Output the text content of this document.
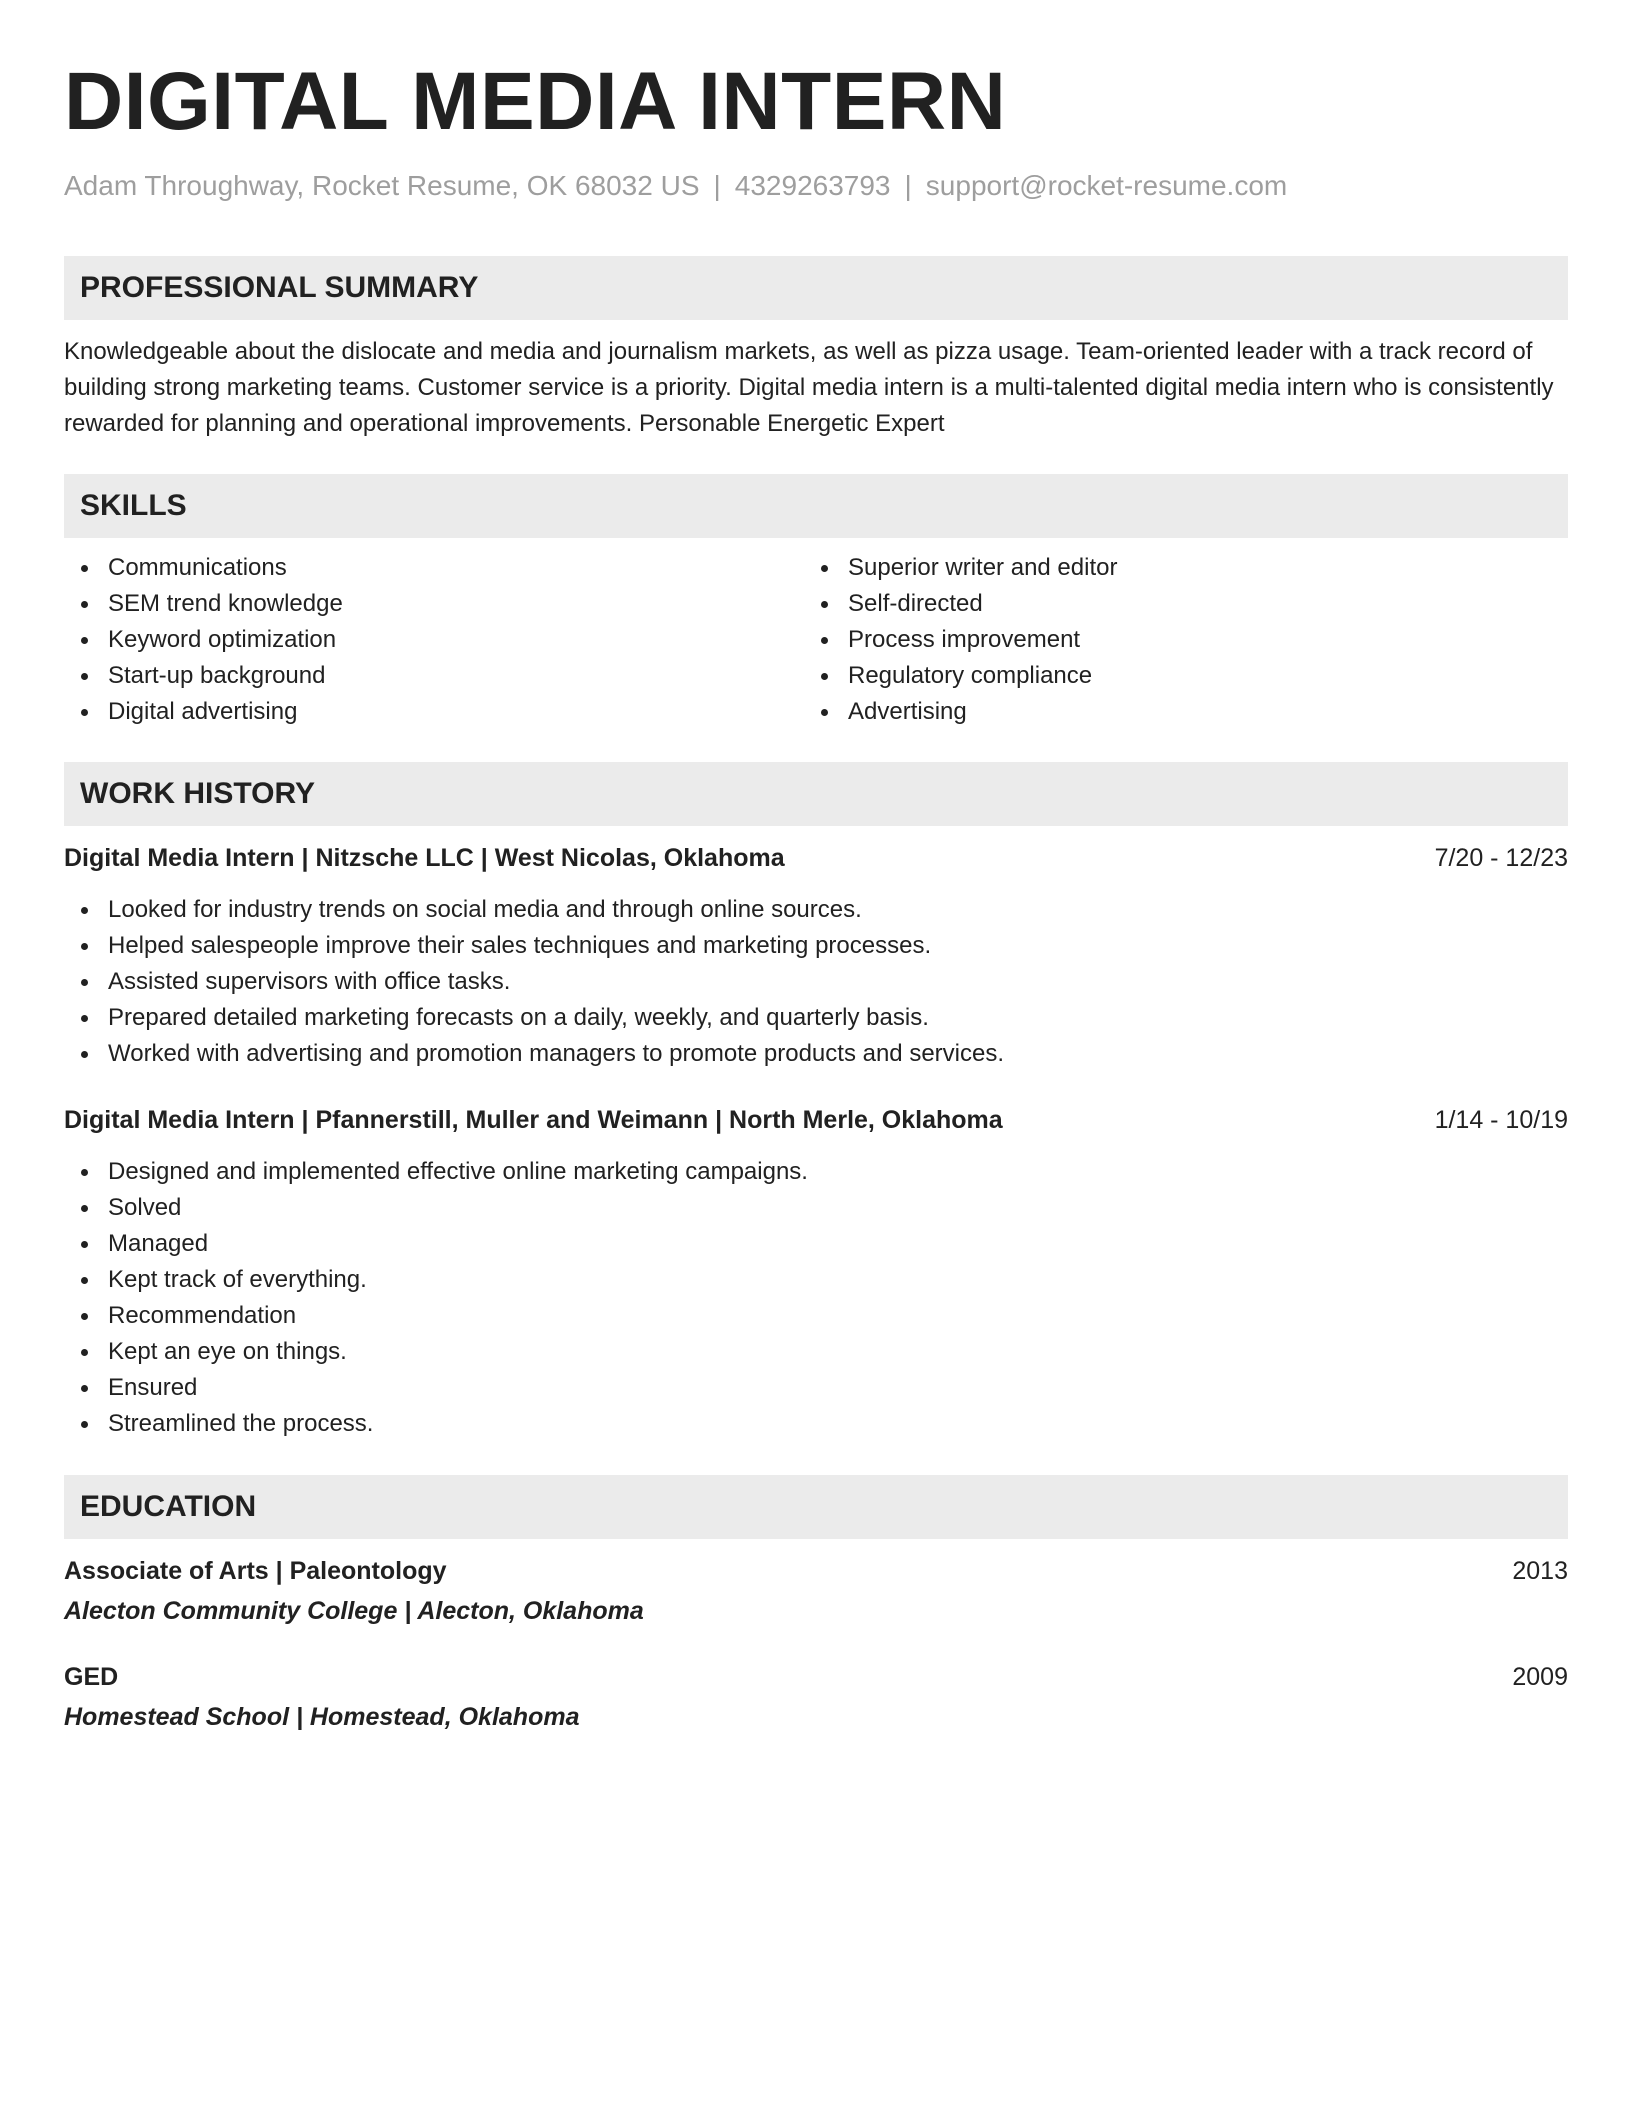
DIGITAL MEDIA INTERN
Adam Throughway, Rocket Resume, OK 68032 US | 4329263793 | support@rocket-resume.com
PROFESSIONAL SUMMARY
Knowledgeable about the dislocate and media and journalism markets, as well as pizza usage. Team-oriented leader with a track record of building strong marketing teams. Customer service is a priority. Digital media intern is a multi-talented digital media intern who is consistently rewarded for planning and operational improvements. Personable Energetic Expert
SKILLS
Communications
SEM trend knowledge
Keyword optimization
Start-up background
Digital advertising
Superior writer and editor
Self-directed
Process improvement
Regulatory compliance
Advertising
WORK HISTORY
Digital Media Intern | Nitzsche LLC | West Nicolas, Oklahoma	7/20 - 12/23
Looked for industry trends on social media and through online sources.
Helped salespeople improve their sales techniques and marketing processes.
Assisted supervisors with office tasks.
Prepared detailed marketing forecasts on a daily, weekly, and quarterly basis.
Worked with advertising and promotion managers to promote products and services.
Digital Media Intern | Pfannerstill, Muller and Weimann | North Merle, Oklahoma	1/14 - 10/19
Designed and implemented effective online marketing campaigns.
Solved
Managed
Kept track of everything.
Recommendation
Kept an eye on things.
Ensured
Streamlined the process.
EDUCATION
Associate of Arts | Paleontology	2013
Alecton Community College | Alecton, Oklahoma
GED	2009
Homestead School | Homestead, Oklahoma
